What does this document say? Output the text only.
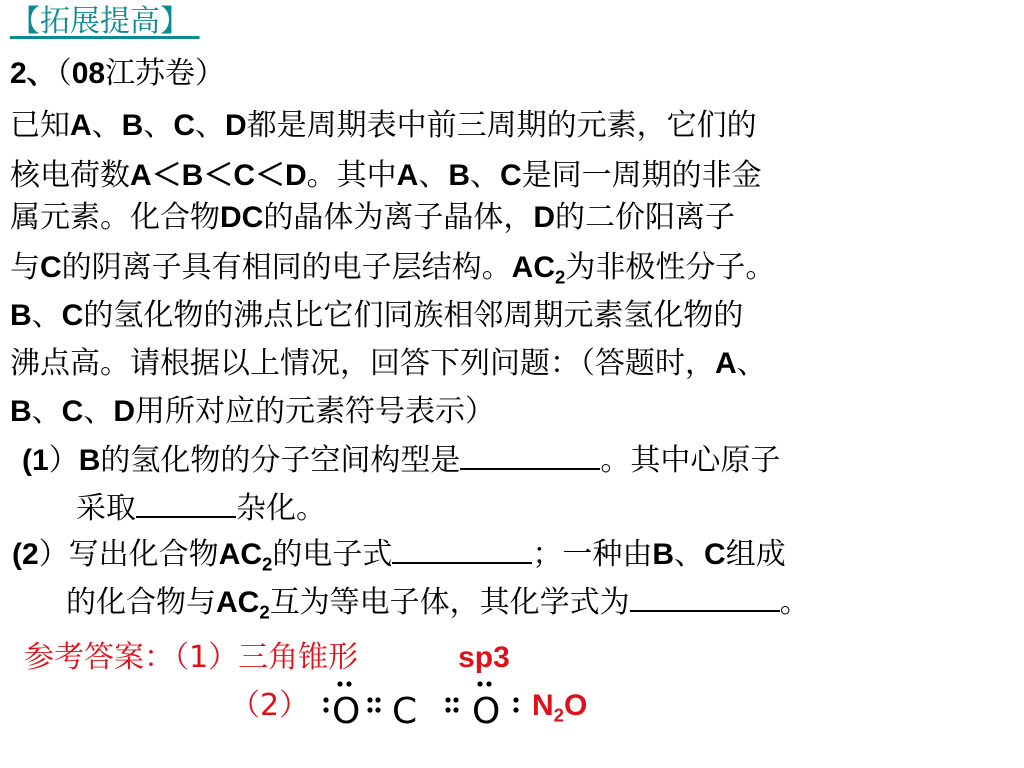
【拓展提高】
2、（08江苏卷）
已知A、B、C、D都是周期表中前三周期的元素，它们的
核电荷数A＜B＜C＜D。其中A、B、C是同一周期的非金
属元素。化合物DC的晶体为离子晶体，D的二价阳离子
与C的阴离子具有相同的电子层结构。$AC_2$为非极性分子。
B、C的氢化物的沸点比它们同族相邻周期元素氢化物的
沸点高。请根据以上情况，回答下列问题：（答题时，A、
B、C、D用所对应的元素符号表示）
(1）B的氢化物的分子空间构型是	。其中心原子
采取	杂化。
(2）写出化合物$AC_2$的电子式	；一种由B、C组成
的化合物与$AC_2$互为等电子体，其化学式为	。
参考答案：（1）三角锥形	sp3
（2） O C O $N_2O$
